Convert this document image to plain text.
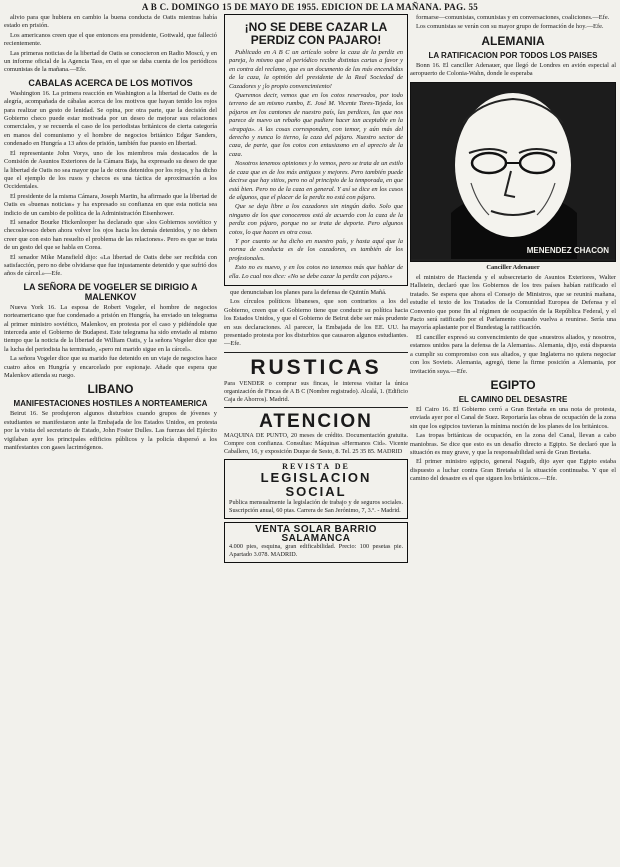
A B C. DOMINGO 15 DE MAYO DE 1955. EDICION DE LA MAÑANA. PAG. 55

alivio para que hubiera en cambio la buena conducta de Oatis mientras había estado en prisión.

Los americanos creen que el que entonces era presidente, Gottwald, que falleció recientemente.

Las primeras noticias de la libertad de Oatis se conocieron en Radio Moscú, y en un informe oficial de la Agencia Tass, en el que se daba cuenta de los periódicos comunistas de la mañana.—Efe.

CABALAS ACERCA DE LOS MOTIVOS

Washington 16. La primera reacción en Washington a la libertad de Oatis es de alegría, acompañada de cábalas acerca de los motivos que hayan tenido los rojos para realizar un gesto de lenidad. Se opina, por otra parte, que la decisión del Gobierno checo puede estar motivada por un deseo de mejorar sus relaciones comerciales, y se recuerda el caso de los periodistas británicos de cierta categoría en manos del comunismo y el hombre de negocios británico Edgar Sanders, condenado en Hungría a 13 años de prisión, también fue puesto en libertad.

El representante John Vorys, uno de los miembros más destacados de la Comisión de Asuntos Exteriores de la Cámara Baja, ha expresado su deseo de que la libertad de Oatis no sea mayor que la de otros detenidos por los rojos, y ha dicho que el ejemplo de los rusos y checos es una táctica de aproximación a los Occidentales.

El presidente de la misma Cámara, Joseph Martin, ha afirmado que la libertad de Oatis es «buenas noticias» y ha expresado su confianza en que esta noticia sea indicio de un cambio de política de la Administración Eisenhower.

El senador Bourke Hickenlooper ha declarado que «los Gobiernos soviético y checoslovaco deben ahora volver los ojos hacia los demás detenidos, y no deben creer que con esto han resuelto el problema de las relaciones». Pero es que se trata de un gesto del que se habla en Corea.

El senador Mike Mansfield dijo: «La libertad de Oatis debe ser recibida con satisfacción, pero no debe olvidarse que fue injustamente detenido y que sufrió dos años de cárcel.»—Efe.

LA SEÑORA DE VOGELER SE DIRIGIO A MALENKOV

Nueva York 16. La esposa de Robert Vogeler, el hombre de negocios norteamericano que fue condenado a prisión en Hungría, ha enviado un telegrama al primer ministro soviético, Malenkov, en protesta por el caso y pidiéndole que interceda ante el Gobierno de Budapest. Este telegrama ha sido enviado al mismo tiempo que la noticia de la libertad de William Oatis, y la señora Vogeler dice que la lucha del periodista ha terminado, «pero mi marido sigue en la cárcel».

La señora Vogeler dice que su marido fue detenido en un viaje de negocios hace cuatro años en Hungría y encarcelado por espionaje. Añade que espera que Malenkov atienda su ruego.

LIBANO
MANIFESTACIONES HOSTILES A NORTEAMERICA

Beirut 16. Se produjeron algunos disturbios cuando grupos de jóvenes y estudiantes se manifestaron ante la Embajada de los Estados Unidos, en protesta por la visita del secretario de Estado, John Foster Dulles. Las fuerzas del Ejército vigilaban ayer los principales edificios públicos y la policía dispersó a los manifestantes con gases lacrimógenos.

¡NO SE DEBE CAZAR LA PERDIZ CON PAJARO!

Publicado en A B C un artículo sobre la caza de la perdiz en pareja, lo mismo que el periódico recibe distintas cartas a favor y en contra del reclamo, que es un documento de las más encendidas de la caza, la opinión del presidente de la Real Sociedad de Cazadores y ¡lo propio convencimiento!

Queremos decir, vemos que en los cotos reservados, por todo terreno de un mismo rumbo, E. José M. Vicente Tores-Tejeda, los pájaros en los cantones de nuestro país, las perdices, las que nos parece de nuevo un rebaño que pudiere hacer tan aceptable en la «trapaja». A las cosas corresponden, con temor, y aún más del derecho y nunca lo tierno, la caza del pájaro. Nuestro sector de caza, de parte, que los cotos con entusiasmo en el aprecio de la caza.

Nosotros tenemos opiniones y lo vemos, pero se trata de un estilo de caza que es de los más antiguos y mejores. Pero también puede decirse que hay sitios, pero no al principio de la temporada, en que está bien. Pero no de la caza en general. Y así se dice en los casos de algunos, que el placer de la perdiz no está con pájaro.

Que se deja libre a los cazadores sin ningún daño. Solo que ninguno de los que conocemos está de acuerdo con la caza de la perdiz con pájaro, porque no se trata de deporte. Pero algunos cotos, lo que hacen es otra cosa.

Y por cuanto se ha dicho en nuestro país, y hasta aquí que la norma de conducta es de los cazadores, es también de los profesionales.

Esto no es nuevo, y en los cotos no tenemos más que hablar de ella. Lo cual nos dice: «No se debe cazar la perdiz con pájaro.»

que denunciaban los planes para la defensa de Quintín Mañá.

Los círculos políticos libaneses, que son contrarios a los del Gobierno, creen que el Gobierno tiene que conducir su política hacia los Estados Unidos, y que el Gobierno de Beirut debe ser más prudente en sus declaraciones. Al parecer, la Embajada de los EE. UU. ha presentado protesta por los disturbios que causaron algunos estudiantes.—Efe.

RUSTICAS
Para VENDER o comprar sus fincas, le interesa visitar la única organización de Fincas de A B C (Nombre registrado). Alcalá, 1. (Edificio Caja de Ahorros). Madrid.
ATENCION
MAQUINA DE PUNTO, 20 meses de crédito. Documentación gratuita. Compre con confianza. Consultas: Máquinas «Hermanos Cid». Vicente Caballero, 16, y exposición Duque de Sesto, 8. Tel. 25 35 85. MADRID
REVISTA DE
LEGISLACION
SOCIAL
Publica mensualmente la legislación de trabajo y de seguros sociales. Suscripción anual, 60 ptas. Carrera de San Jerónimo, 7, 3.º. - Madrid.
VENTA SOLAR BARRIO SALAMANCA
4.000 pies, esquina, gran edificabilidad. Precio: 100 pesetas pie. Apartado 3.078. MADRID.

formarse—comunistas, comunistas y en conversaciones, coaliciones.—Efe.

Los comunistas se verán con su mayor grupo de formación de hoy.—Efe.

ALEMANIA
LA RATIFICACION POR TODOS LOS PAISES

Bonn 16. El canciller Adenauer, que llegó de Londres en avión especial al aeropuerto de Colonia-Wahn, donde le esperaba

MENENDEZ CHACON
Canciller Adenauer

el ministro de Hacienda y el subsecretario de Asuntos Exteriores, Walter Hallstein, declaró que los Gobiernos de los tres países habían ratificado el tratado. Se espera que ahora el Consejo de Ministros, que se reunirá mañana, estudie el texto de los Tratados de la Comunidad Europea de Defensa y el Convenio que pone fin al régimen de ocupación de la República Federal, y el Pacto será ratificado por el Parlamento cuando vuelva a reunirse. Sería una mayoría aplastante por el Bundestag la ratificación.

El canciller expresó su convencimiento de que «nuestros aliados, y nosotros, estamos unidos para la defensa de la Alemania». Alemania, dijo, está dispuesta a cumplir su compromiso con sus aliados, y que Inglaterra no quiera negociar con los Soviets. Alemania, agregó, tiene la firme posición a Alemania, por invitación suya.—Efe.

EGIPTO
EL CAMINO DEL DESASTRE

El Cairo 16. El Gobierno cerró a Gran Bretaña en una nota de protesta, enviada ayer por el Canal de Suez. Reportaría las obras de ocupación de la zona sin que los egipcios tuvieran la mínima noción de los planes de los británicos.

Las tropas británicas de ocupación, en la zona del Canal, llevan a cabo maniobras. Se dice que esto es un desafío directo a Egipto. Se declaró que la situación es muy grave, y que la responsabilidad será de Gran Bretaña.

El primer ministro egipcio, general Naguib, dijo ayer que Egipto estaba dispuesto a luchar contra Gran Bretaña si la situación continuaba. Y que el camino del desastre es el que siguen los británicos.—Efe.
